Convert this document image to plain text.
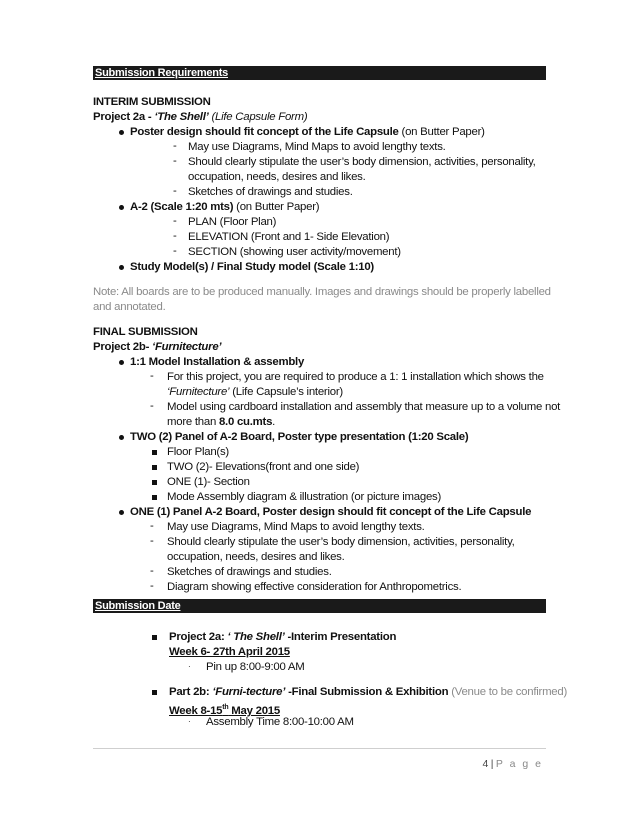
Submission Requirements
INTERIM SUBMISSION
Project 2a - ‘The Shell’ (Life Capsule Form)
Poster design should fit concept of the Life Capsule (on Butter Paper)
- May use Diagrams, Mind Maps to avoid lengthy texts.
- Should clearly stipulate the user’s body dimension, activities, personality,
occupation, needs, desires and likes.
- Sketches of drawings and studies.
A-2 (Scale 1:20 mts) (on Butter Paper)
- PLAN (Floor Plan)
- ELEVATION (Front and 1- Side Elevation)
- SECTION (showing user activity/movement)
Study Model(s) / Final Study model (Scale 1:10)
Note: All boards are to be produced manually. Images and drawings should be properly labelled
and annotated.
FINAL SUBMISSION
Project 2b- ‘Furnitecture’
1:1 Model Installation & assembly
- For this project, you are required to produce a 1: 1 installation which shows the
‘Furnitecture’ (Life Capsule’s interior)
- Model using cardboard installation and assembly that measure up to a volume not
more than 8.0 cu.mts.
TWO (2) Panel of A-2 Board, Poster type presentation (1:20 Scale)
Floor Plan(s)
TWO (2)- Elevations(front and one side)
ONE (1)- Section
Mode Assembly diagram & illustration (or picture images)
ONE (1) Panel A-2 Board, Poster design should fit concept of the Life Capsule
- May use Diagrams, Mind Maps to avoid lengthy texts.
- Should clearly stipulate the user’s body dimension, activities, personality,
occupation, needs, desires and likes.
- Sketches of drawings and studies.
- Diagram showing effective consideration for Anthropometrics.
Submission Date
Project 2a: ‘ The Shell’ -Interim Presentation
Week 6- 27th April 2015
· Pin up 8:00-9:00 AM
Part 2b: ‘Furni-tecture’ -Final Submission & Exhibition (Venue to be confirmed)
Week 8-15th May 2015
· Assembly Time 8:00-10:00 AM
4 | P a g e
